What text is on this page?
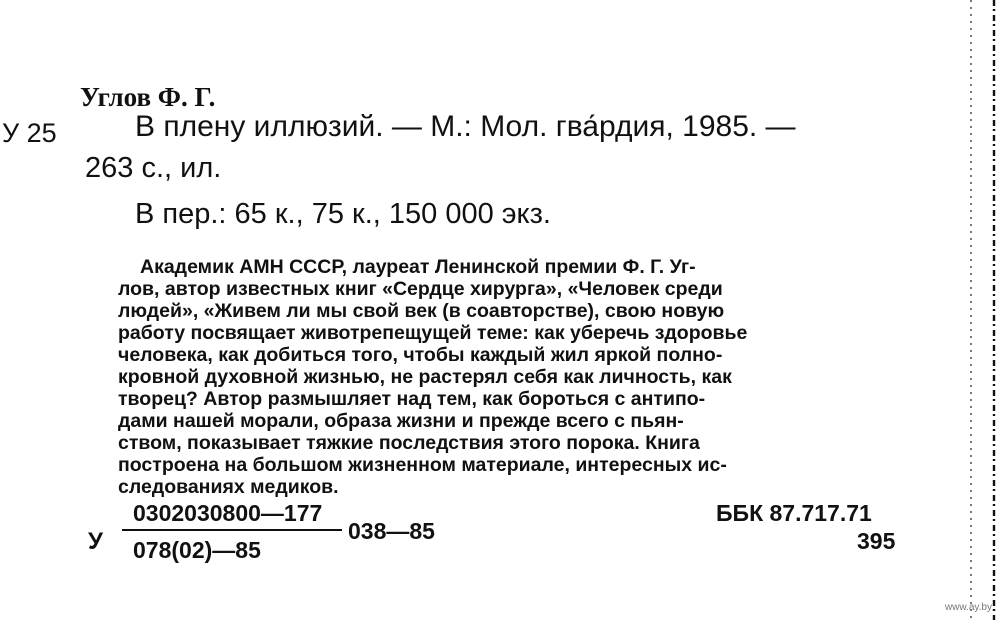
Углов Ф. Г.
У 25	В плену иллюзий. — М.: Мол. гва́рдия, 1985. —
263 с., ил.
В пер.: 65 к., 75 к., 150 000 экз.
Академик АМН СССР, лауреат Ленинской премии Ф. Г. Уг-
лов, автор известных книг «Сердце хирурга», «Человек среди
людей», «Живем ли мы свой век (в соавторстве), свою новую
работу посвящает животрепещущей теме: как уберечь здоровье
человека, как добиться того, чтобы каждый жил яркой полно-
кровной духовной жизнью, не растерял себя как личность, как
творец? Автор размышляет над тем, как бороться с антипо-
дами нашей морали, образа жизни и прежде всего с пьян-
ством, показывает тяжкие последствия этого порока. Книга
построена на большом жизненном материале, интересных ис-
следованиях медиков.
У
0302030800—177
078(02)—85
038—85
ББК 87.717.71
395
www.ay.by
